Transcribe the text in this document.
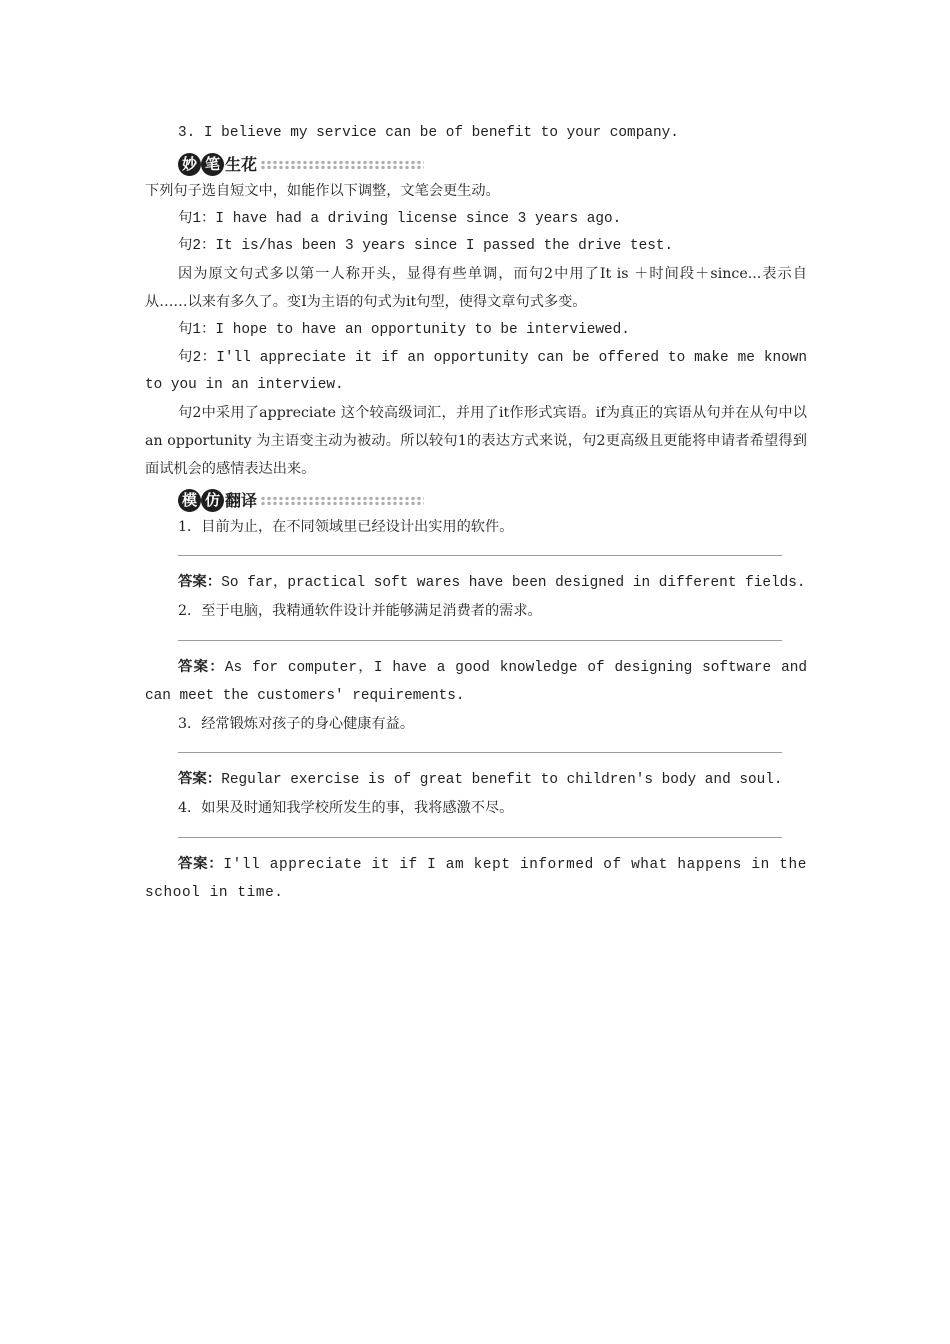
3. I believe my service can be of benefit to your company.

妙 笔 生花

下列句子选自短文中，如能作以下调整，文笔会更生动。

句1：I have had a driving license since 3 years ago.

句2：It is/has been 3 years since I passed the drive test.

因为原文句式多以第一人称开头，显得有些单调，而句2中用了It is ＋时间段＋since...表示自从……以来有多久了。变I为主语的句式为it句型，使得文章句式多变。

句1：I hope to have an opportunity to be interviewed.

句2：I'll appreciate it if an opportunity can be offered to make me known to you in an interview.

句2中采用了appreciate 这个较高级词汇，并用了it作形式宾语。if为真正的宾语从句并在从句中以an opportunity 为主语变主动为被动。所以较句1的表达方式来说，句2更高级且更能将申请者希望得到面试机会的感情表达出来。

模 仿 翻译

1．目前为止，在不同领域里已经设计出实用的软件。

答案：So far，practical soft wares have been designed in different fields.

2．至于电脑，我精通软件设计并能够满足消费者的需求。

答案：As for computer，I have a good knowledge of designing software and can meet the customers' requirements.

3．经常锻炼对孩子的身心健康有益。

答案：Regular exercise is of great benefit to children's body and soul.

4．如果及时通知我学校所发生的事，我将感激不尽。

答案：I'll appreciate it if I am kept informed of what happens in the school in time.
